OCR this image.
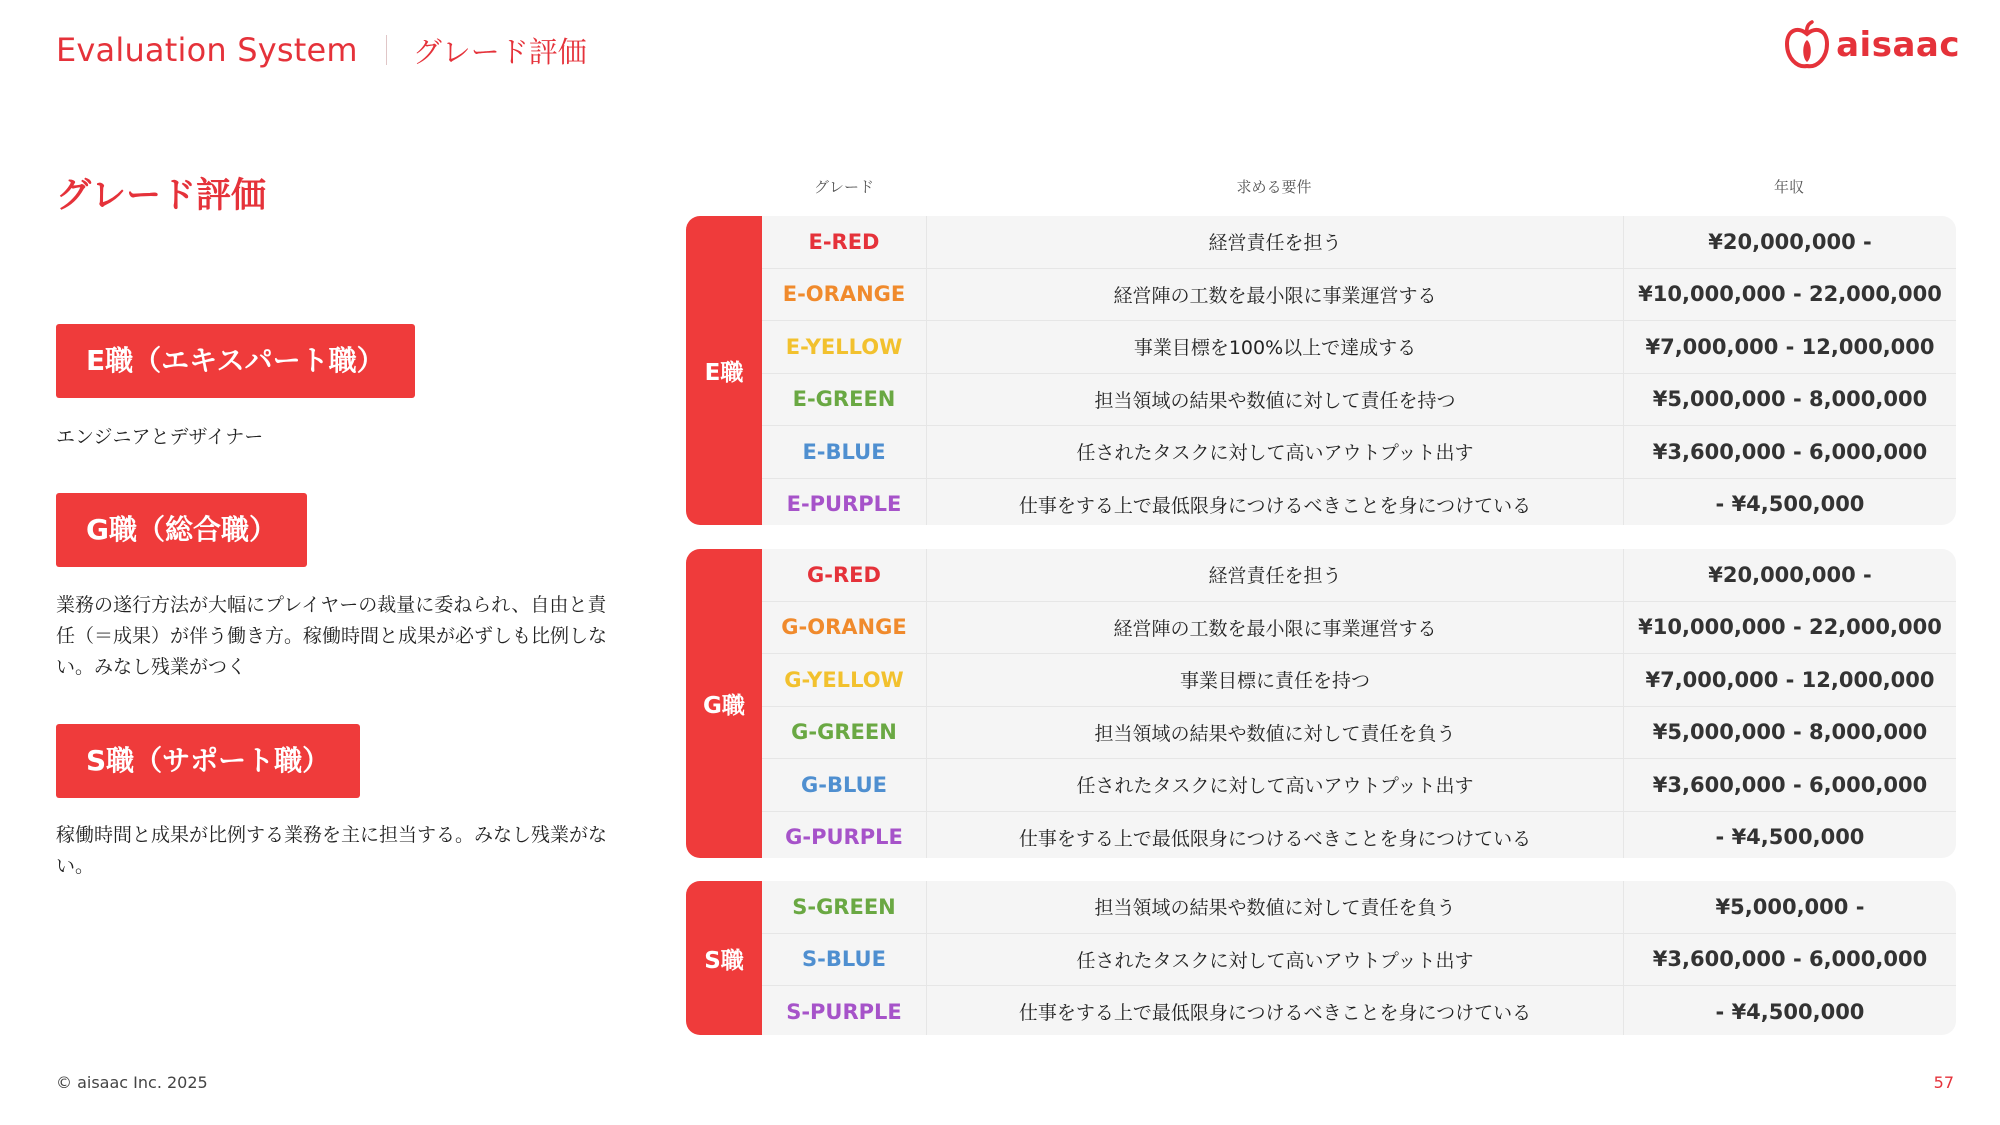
Evaluation System グレード評価	aisaac
グレード評価
E職（エキスパート職）
エンジニアとデザイナー
G職（総合職）
業務の遂行方法が大幅にプレイヤーの裁量に委ねられ、自由と責任（＝成果）が伴う働き方。稼働時間と成果が必ずしも比例しない。みなし残業がつく
S職（サポート職）
稼働時間と成果が比例する業務を主に担当する。みなし残業がない。
グレード	求める要件	年収
E職
E-RED	経営責任を担う	¥20,000,000 -
E-ORANGE	経営陣の工数を最小限に事業運営する	¥10,000,000 - 22,000,000
E-YELLOW	事業目標を100%以上で達成する	¥7,000,000 - 12,000,000
E-GREEN	担当領域の結果や数値に対して責任を持つ	¥5,000,000 - 8,000,000
E-BLUE	任されたタスクに対して高いアウトプット出す	¥3,600,000 - 6,000,000
E-PURPLE	仕事をする上で最低限身につけるべきことを身につけている	- ¥4,500,000
G職
G-RED	経営責任を担う	¥20,000,000 -
G-ORANGE	経営陣の工数を最小限に事業運営する	¥10,000,000 - 22,000,000
G-YELLOW	事業目標に責任を持つ	¥7,000,000 - 12,000,000
G-GREEN	担当領域の結果や数値に対して責任を負う	¥5,000,000 - 8,000,000
G-BLUE	任されたタスクに対して高いアウトプット出す	¥3,600,000 - 6,000,000
G-PURPLE	仕事をする上で最低限身につけるべきことを身につけている	- ¥4,500,000
S職
S-GREEN	担当領域の結果や数値に対して責任を負う	¥5,000,000 -
S-BLUE	任されたタスクに対して高いアウトプット出す	¥3,600,000 - 6,000,000
S-PURPLE	仕事をする上で最低限身につけるべきことを身につけている	- ¥4,500,000
© aisaac Inc. 2025	57
